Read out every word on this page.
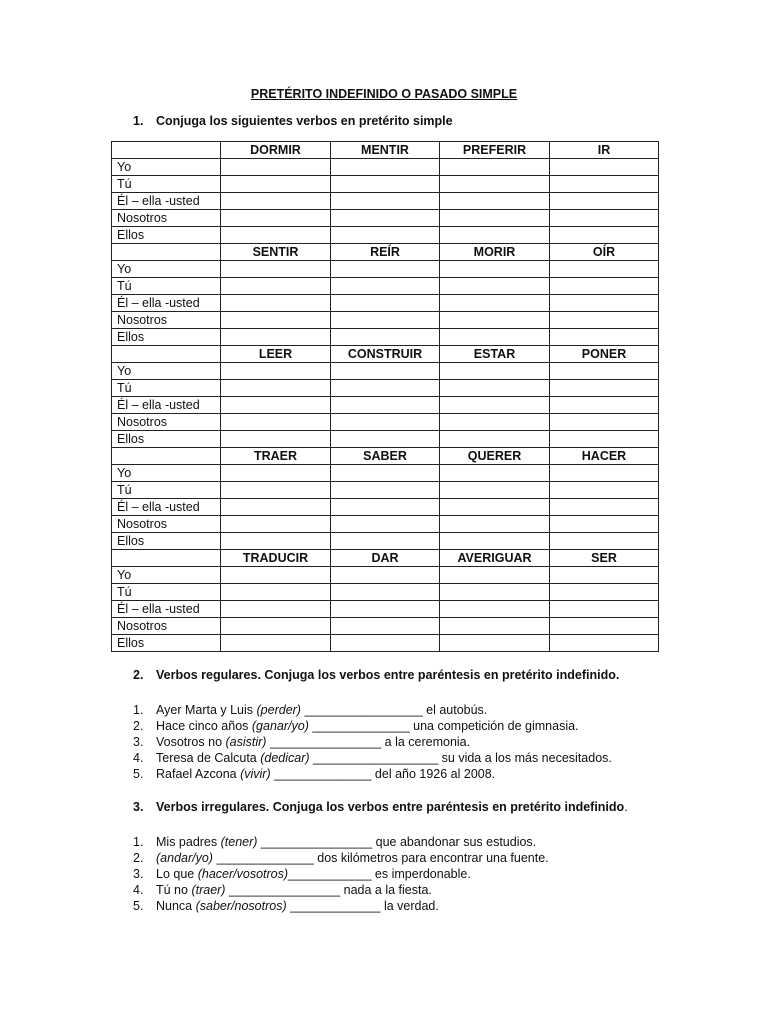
PRETÉRITO INDEFINIDO O PASADO SIMPLE
1. Conjuga los siguientes verbos en pretérito simple
	DORMIR	MENTIR	PREFERIR	IR
Yo				
Tú				
Él – ella -usted				
Nosotros				
Ellos				
	SENTIR	REÍR	MORIR	OÍR
Yo				
Tú				
Él – ella -usted				
Nosotros				
Ellos				
	LEER	CONSTRUIR	ESTAR	PONER
Yo				
Tú				
Él – ella -usted				
Nosotros				
Ellos				
	TRAER	SABER	QUERER	HACER
Yo				
Tú				
Él – ella -usted				
Nosotros				
Ellos				
	TRADUCIR	DAR	AVERIGUAR	SER
Yo				
Tú				
Él – ella -usted				
Nosotros				
Ellos				
2. Verbos regulares. Conjuga los verbos entre paréntesis en pretérito indefinido.
1. Ayer Marta y Luis (perder) _________________ el autobús.
2. Hace cinco años (ganar/yo) ______________ una competición de gimnasia.
3. Vosotros no (asistir) ________________ a la ceremonia.
4. Teresa de Calcuta (dedicar) __________________ su vida a los más necesitados.
5. Rafael Azcona (vivir) ______________ del año 1926 al 2008.
3. Verbos irregulares. Conjuga los verbos entre paréntesis en pretérito indefinido.
1. Mis padres (tener) ________________ que abandonar sus estudios.
2. (andar/yo) ______________ dos kilómetros para encontrar una fuente.
3. Lo que (hacer/vosotros)____________ es imperdonable.
4. Tú no (traer) ________________ nada a la fiesta.
5. Nunca (saber/nosotros) _____________ la verdad.
